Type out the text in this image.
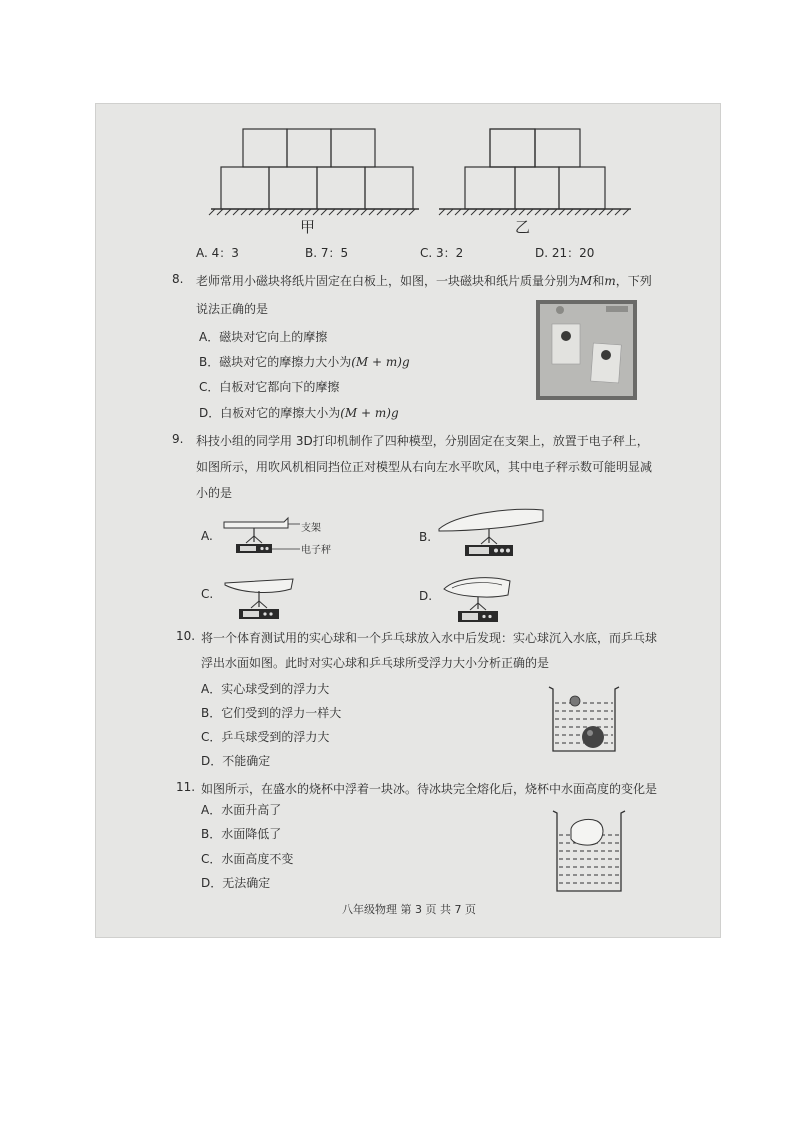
甲	乙
A. 4：3	B. 7：5	C. 3：2	D. 21：20
8. 老师常用小磁块将纸片固定在白板上，如图，一块磁块和纸片质量分别为M和m，下列
说法正确的是
A．磁块对它向上的摩擦
B．磁块对它的摩擦力大小为(M + m)g
C．白板对它都向下的摩擦
D．白板对它的摩擦大小为(M + m)g
9. 科技小组的同学用 3D打印机制作了四种模型，分别固定在支架上，放置于电子秤上，
如图所示，用吹风机相同挡位正对模型从右向左水平吹风，其中电子秤示数可能明显减
小的是
A.	B.
C.	D.
支架
电子秤
10. 将一个体育测试用的实心球和一个乒乓球放入水中后发现：实心球沉入水底，而乒乓球
浮出水面如图。此时对实心球和乒乓球所受浮力大小分析正确的是
A．实心球受到的浮力大
B．它们受到的浮力一样大
C．乒乓球受到的浮力大
D．不能确定
11. 如图所示，在盛水的烧杯中浮着一块冰。待冰块完全熔化后，烧杯中水面高度的变化是
A．水面升高了
B．水面降低了
C．水面高度不变
D．无法确定
八年级物理 第 3 页 共 7 页
